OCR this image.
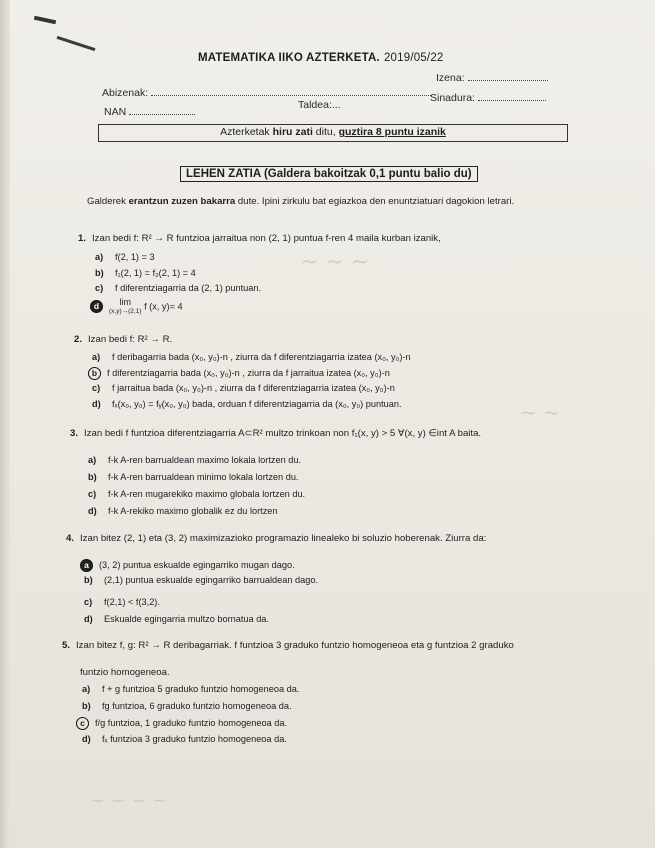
~ ~ ~
~ ~
~ ~ ~ ~
MATEMATIKA IIKO AZTERKETA. 2019/05/22
Izena:
Abizenak:	Sinadura:
Taldea:...
NAN
Azterketak hiru zati ditu, guztira 8 puntu izanik
LEHEN ZATIA (Galdera bakoitzak 0,1 puntu balio du)
Galderek erantzun zuzen bakarra dute. Ipini zirkulu bat egiazkoa den enuntziatuari dagokion letrari.
1. Izan bedi f: R² → R funtzioa jarraitua non (2, 1) puntua f-ren 4 maila kurban izanik,
a) f(2, 1) = 3
b) f₁(2, 1) = f₂(2, 1) = 4
c) f diferentziagarria da (2, 1) puntuan.
d	lim
(x,y)→(2,1)
f (x, y)= 4
2. Izan bedi f: R² → R.
a) f deribagarria bada (x₀, y₀)-n , ziurra da f diferentziagarria izatea (x₀, y₀)-n
b f diferentziagarria bada (x₀, y₀)-n , ziurra da f jarraitua izatea (x₀, y₀)-n
c) f jarraitua bada (x₀, y₀)-n , ziurra da f diferentziagarria izatea (x₀, y₀)-n
d) fₓ(x₀, y₀) = fᵧ(x₀, y₀) bada, orduan f diferentziagarria da (x₀, y₀) puntuan.
3. Izan bedi f funtzioa diferentziagarria A⊂R² multzo trinkoan non f₁(x, y) > 5 ∀(x, y) ∈int A baita.
a) f-k A-ren barrualdean maximo lokala lortzen du.
b) f-k A-ren barrualdean minimo lokala lortzen du.
c) f-k A-ren mugarekiko maximo globala lortzen du.
d) f-k A-rekiko maximo globalik ez du lortzen
4. Izan bitez (2, 1) eta (3, 2) maximizazioko programazio linealeko bi soluzio hoberenak. Ziurra da:
a (3, 2) puntua eskualde egingarriko mugan dago.
b) (2,1) puntua eskualde egingarriko barrualdean dago.
c) f(2,1) < f(3,2).
d) Eskualde egingarria multzo bornatua da.
5. Izan bitez f, g: R² → R deribagarriak. f funtzioa 3 graduko funtzio homogeneoa eta g funtzioa 2 graduko
funtzio homogeneoa.
a) f + g funtzioa 5 graduko funtzio homogeneoa da.
b) fg funtzioa, 6 graduko funtzio homogeneoa da.
c f/g funtzioa, 1 graduko funtzio homogeneoa da.
d) fₓ funtzioa 3 graduko funtzio homogeneoa da.
